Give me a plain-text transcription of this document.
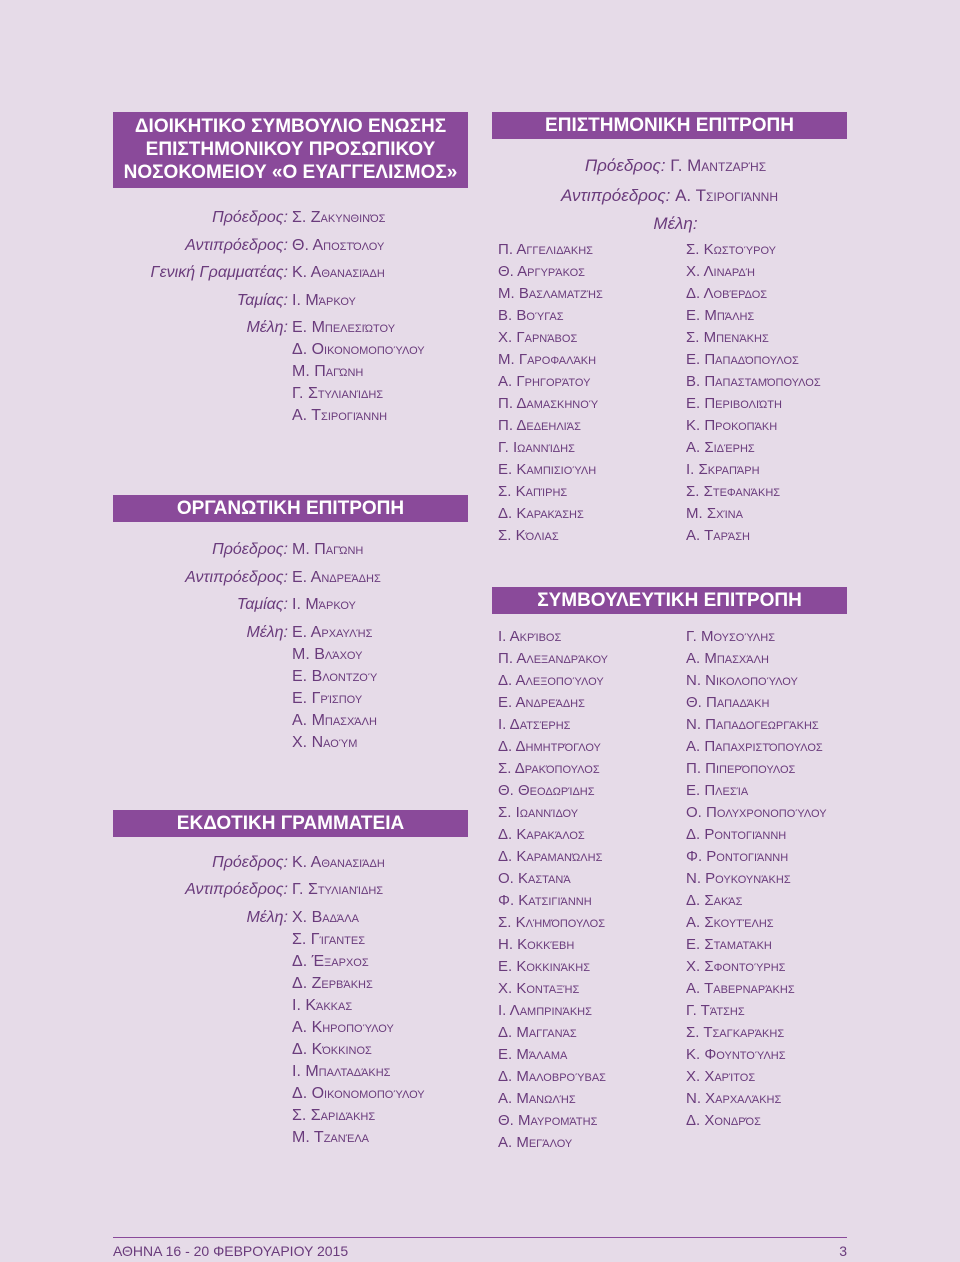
ΔΙΟΙΚΗΤΙΚΟ ΣΥΜΒΟΥΛΙΟ ΕΝΩΣΗΣ
ΕΠΙΣΤΗΜΟΝΙΚΟΥ ΠΡΟΣΩΠΙΚΟΥ
ΝΟΣΟΚΟΜΕΙΟΥ «Ο ΕΥΑΓΓΕΛΙΣΜΟΣ»
Πρόεδρος: Σ. Ζακυνθινός
Αντιπρόεδρος: Θ. Αποστόλου
Γενική Γραμματέας: Κ. Αθανασιάδη
Ταμίας: Ι. Μάρκου
Μέλη: Ε. Μπελεσιώτου
Δ. Οικονομοπούλου
Μ. Παγώνη
Γ. Στυλιανίδης
Α. Τσιρογιάννη
ΟΡΓΑΝΩΤΙΚΗ ΕΠΙΤΡΟΠΗ
Πρόεδρος: Μ. Παγώνη
Αντιπρόεδρος: Ε. Ανδρεάδης
Ταμίας: Ι. Μάρκου
Μέλη: Ε. Αρχαυλής
Μ. Βλάχου
Ε. Βλοντζού
Ε. Γρίσπου
Α. Μπασχάλη
Χ. Ναούμ
ΕΚΔΟΤΙΚΗ ΓΡΑΜΜΑΤΕΙΑ
Πρόεδρος: Κ. Αθανασιάδη
Αντιπρόεδρος: Γ. Στυλιανίδης
Μέλη: Χ. Βαδάλα
Σ. Γίγαντες
Δ. Έξαρχος
Δ. Ζερβάκης
Ι. Κάκκας
Α. Κηροπούλου
Δ. Κόκκινος
Ι. Μπαλταδάκης
Δ. Οικονομοπούλου
Σ. Σαριδάκης
Μ. Τζανέλα
ΕΠΙΣΤΗΜΟΝΙΚΗ ΕΠΙΤΡΟΠΗ
Πρόεδρος: Γ. Μαντζαρής
Αντιπρόεδρος: Α. Τσιρογιάννη
Μέλη:
Π. Αγγελιδάκης
Θ. Αργυράκος
Μ. Βασλαματζής
Β. Βούγας
Χ. Γαρνάβος
Μ. Γαροφαλάκη
Α. Γρηγοράτου
Π. Δαμασκηνού
Π. Δεδεηλιάς
Γ. Ιωαννίδης
Ε. Καμπισιούλη
Σ. Καπίρης
Δ. Καρακάσης
Σ. Κόλιας
Σ. Κωστούρου
Χ. Λιναρδή
Δ. Λοβέρδος
Ε. Μπάλης
Σ. Μπενάκης
Ε. Παπαδόπουλος
Β. Παπασταμόπουλος
Ε. Περιβολιώτη
Κ. Προκοπάκη
Α. Σιδέρης
Ι. Σκραπάρη
Σ. Στεφανάκης
Μ. Σχίνα
Α. Ταράση
ΣΥΜΒΟΥΛΕΥΤΙΚΗ ΕΠΙΤΡΟΠΗ
Ι. Ακρίβος
Π. Αλεξανδράκου
Δ. Αλεξοπούλου
Ε. Ανδρεάδης
Ι. Δατσέρης
Δ. Δημητρόγλου
Σ. Δρακόπουλος
Θ. Θεοδωρίδης
Σ. Ιωαννίδου
Δ. Καρακάλος
Δ. Καραμανώλης
Ο. Καστανά
Φ. Κατσιγιάννη
Σ. Κλήμόπουλος
Η. Κοκκέβη
Ε. Κοκκινάκης
Χ. Κονταξής
Ι. Λαμπρινάκης
Δ. Μαγγανάς
Ε. Μάλαμα
Δ. Μαλοβρούβας
Α. Μανωλής
Θ. Μαυρομάτης
Α. Μεγάλου
Γ. Μουσούλης
Α. Μπασχάλη
Ν. Νικολοπούλου
Θ. Παπαδάκη
Ν. Παπαδογεωργάκης
Α. Παπαχριστόπουλος
Π. Πιπερόπουλος
Ε. Πλεσία
Ο. Πολυχρονοπούλου
Δ. Ροντογιάννη
Φ. Ροντογιάννη
Ν. Ρουκουνάκης
Δ. Σακάς
Α. Σκουτέλης
Ε. Σταματάκη
Χ. Σφοντούρης
Α. Ταβερναράκης
Γ. Τάτσης
Σ. Τσαγκαράκης
Κ. Φουντούλης
Χ. Χαρίτος
Ν. Χαρχαλάκης
Δ. Χονδρός
ΑΘΗΝΑ 16 - 20 ΦΕΒΡΟΥΑΡΙΟΥ 2015	3
